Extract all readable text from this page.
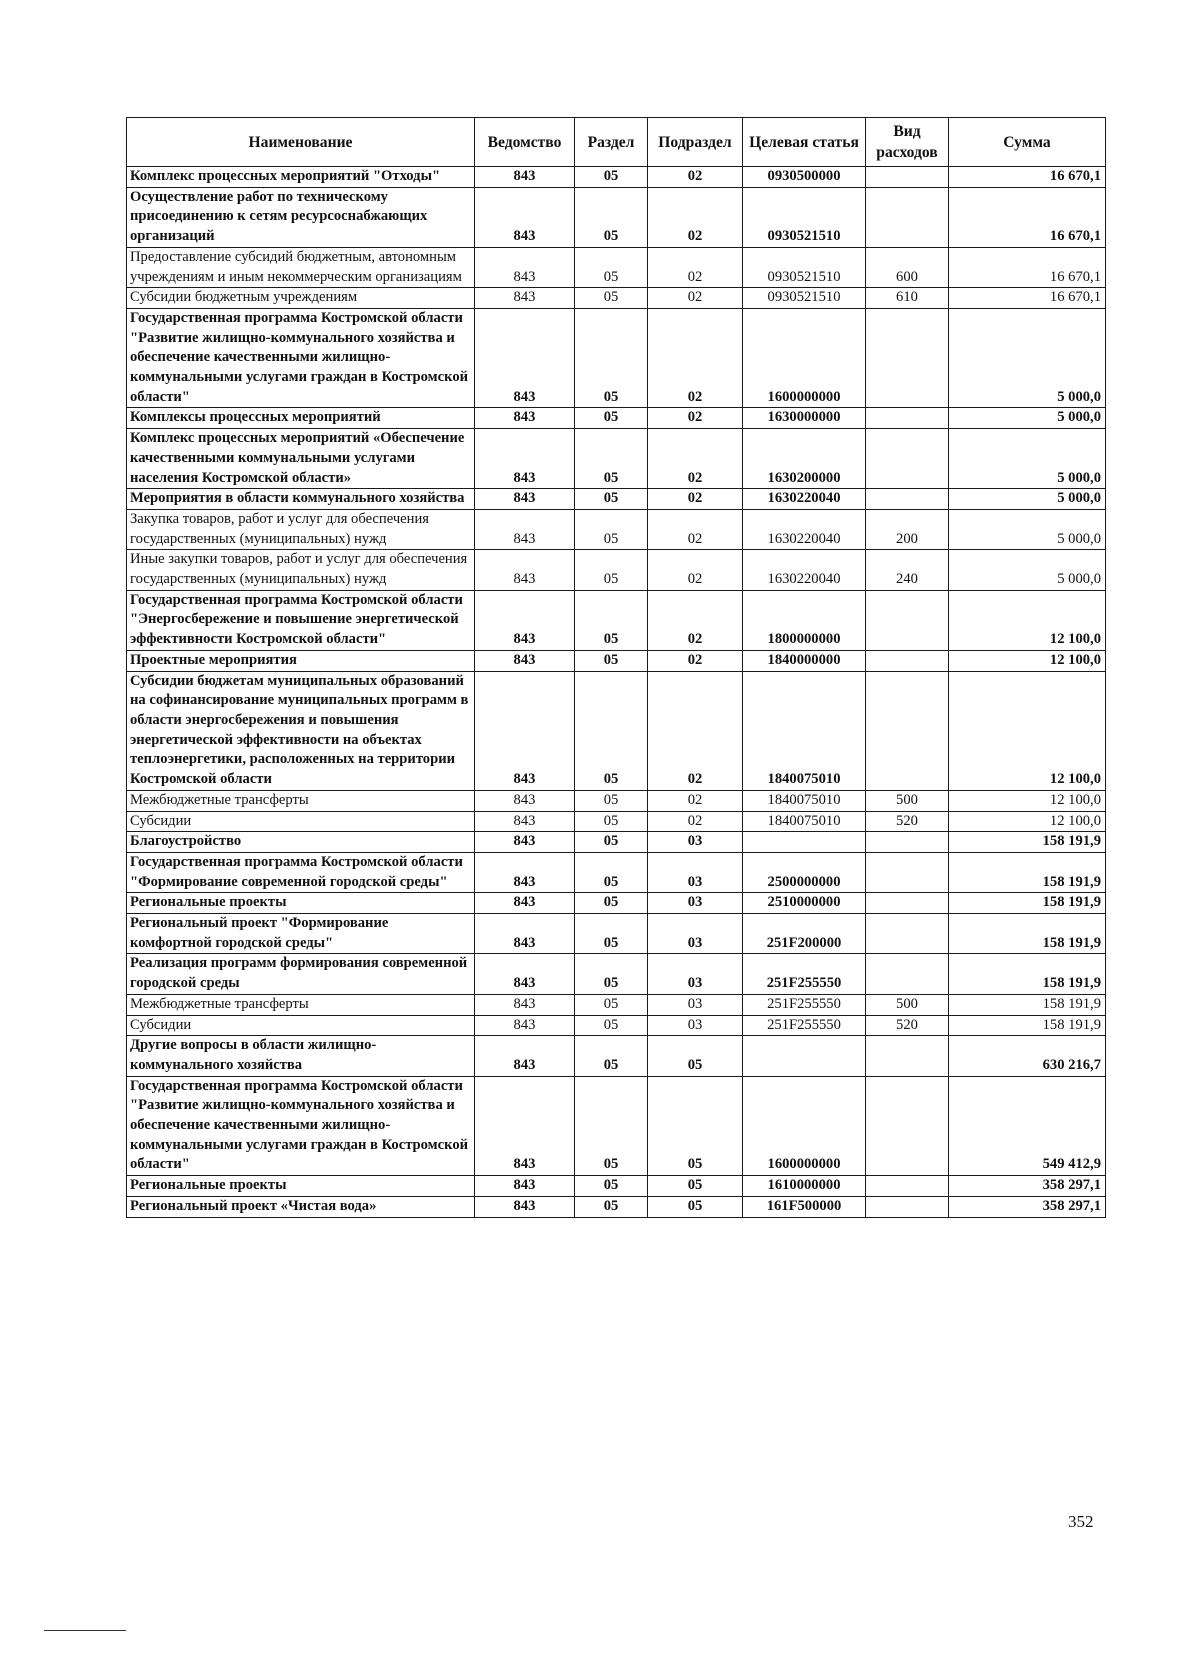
Наименование	Ведомство	Раздел	Подраздел	Целевая статья	Вид расходов	Сумма
Комплекс процессных мероприятий "Отходы"	843	05	02	0930500000		16 670,1
Осуществление работ по техническому присоединению к сетям ресурсоснабжающих организаций	843	05	02	0930521510		16 670,1
Предоставление субсидий бюджетным, автономным учреждениям и иным некоммерческим организациям	843	05	02	0930521510	600	16 670,1
Субсидии бюджетным учреждениям	843	05	02	0930521510	610	16 670,1
Государственная программа Костромской области "Развитие жилищно-коммунального хозяйства и обеспечение качественными жилищно-коммунальными услугами граждан в Костромской области"	843	05	02	1600000000		5 000,0
Комплексы процессных мероприятий	843	05	02	1630000000		5 000,0
Комплекс процессных мероприятий «Обеспечение качественными коммунальными услугами населения Костромской области»	843	05	02	1630200000		5 000,0
Мероприятия в области коммунального хозяйства	843	05	02	1630220040		5 000,0
Закупка товаров, работ и услуг для обеспечения государственных (муниципальных) нужд	843	05	02	1630220040	200	5 000,0
Иные закупки товаров, работ и услуг для обеспечения государственных (муниципальных) нужд	843	05	02	1630220040	240	5 000,0
Государственная программа Костромской области "Энергосбережение и повышение энергетической эффективности Костромской области"	843	05	02	1800000000		12 100,0
Проектные мероприятия	843	05	02	1840000000		12 100,0
Субсидии бюджетам муниципальных образований на софинансирование муниципальных программ в области энергосбережения и повышения энергетической эффективности на объектах теплоэнергетики, расположенных на территории Костромской области	843	05	02	1840075010		12 100,0
Межбюджетные трансферты	843	05	02	1840075010	500	12 100,0
Субсидии	843	05	02	1840075010	520	12 100,0
Благоустройство	843	05	03			158 191,9
Государственная программа Костромской области "Формирование современной городской среды"	843	05	03	2500000000		158 191,9
Региональные проекты	843	05	03	2510000000		158 191,9
Региональный проект "Формирование комфортной городской среды"	843	05	03	251F200000		158 191,9
Реализация программ формирования современной городской среды	843	05	03	251F255550		158 191,9
Межбюджетные трансферты	843	05	03	251F255550	500	158 191,9
Субсидии	843	05	03	251F255550	520	158 191,9
Другие вопросы в области жилищно-коммунального хозяйства	843	05	05			630 216,7
Государственная программа Костромской области "Развитие жилищно-коммунального хозяйства и обеспечение качественными жилищно-коммунальными услугами граждан в Костромской области"	843	05	05	1600000000		549 412,9
Региональные проекты	843	05	05	1610000000		358 297,1
Региональный проект «Чистая вода»	843	05	05	161F500000		358 297,1
352
